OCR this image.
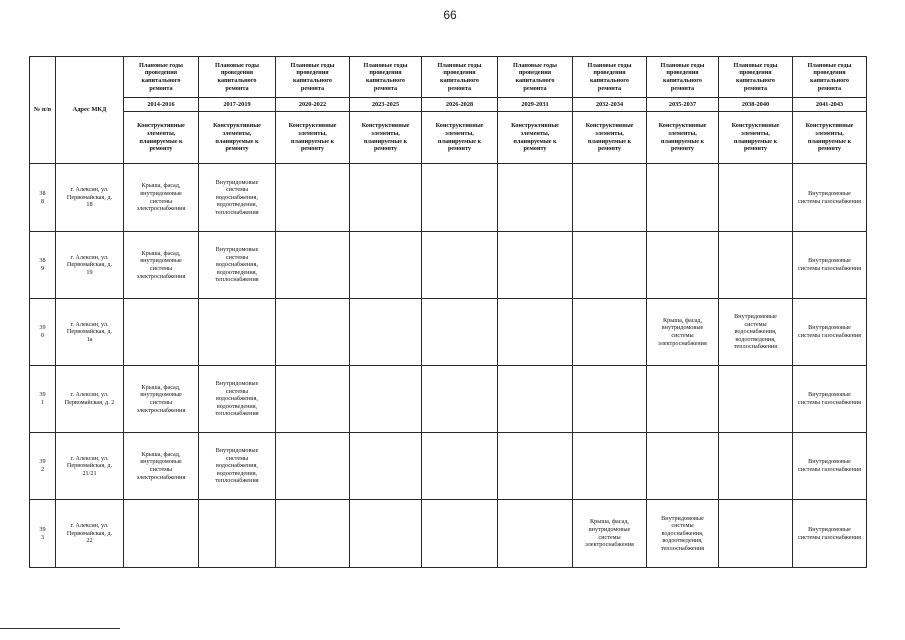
66
№ п/п	Адрес МКД	Плановые годы проведения капитального ремонта	Плановые годы проведения капитального ремонта	Плановые годы проведения капитального ремонта	Плановые годы проведения капитального ремонта	Плановые годы проведения капитального ремонта	Плановые годы проведения капитального ремонта	Плановые годы проведения капитального ремонта	Плановые годы проведения капитального ремонта	Плановые годы проведения капитального ремонта	Плановые годы проведения капитального ремонта
		2014-2016	2017-2019	2020-2022	2023-2025	2026-2028	2029-2031	2032-2034	2035-2037	2038-2040	2041-2043
		Конструктивные элементы, планируемые к ремонту	Конструктивные элементы, планируемые к ремонту	Конструктивные элементы, планируемые к ремонту	Конструктивные элементы, планируемые к ремонту	Конструктивные элементы, планируемые к ремонту	Конструктивные элементы, планируемые к ремонту	Конструктивные элементы, планируемые к ремонту	Конструктивные элементы, планируемые к ремонту	Конструктивные элементы, планируемые к ремонту	Конструктивные элементы, планируемые к ремонту
388	г. Алексин, ул. Первомайская, д. 18	Крыша, фасад, внутридомовые системы электроснабжения	Внутридомовые системы водоснабжения, водоотведения, теплоснабжения								Внутридомовые системы газоснабжения
389	г. Алексин, ул. Первомайская, д. 19	Крыша, фасад, внутридомовые системы электроснабжения	Внутридомовые системы водоснабжения, водоотведения, теплоснабжения								Внутридомовые системы газоснабжения
390	г. Алексин, ул. Первомайская, д. 1а								Крыша, фасад, внутридомовые системы электроснабжения	Внутридомовые системы водоснабжения, водоотведения, теплоснабжения	Внутридомовые системы газоснабжения
391	г. Алексин, ул. Первомайская, д. 2	Крыша, фасад, внутридомовые системы электроснабжения	Внутридомовые системы водоснабжения, водоотведения, теплоснабжения								Внутридомовые системы газоснабжения
392	г. Алексин, ул. Первомайская, д. 21/21	Крыша, фасад, внутридомовые системы электроснабжения	Внутридомовые системы водоснабжения, водоотведения, теплоснабжения								Внутридомовые системы газоснабжения
393	г. Алексин, ул. Первомайская, д. 22							Крыша, фасад, внутридомовые системы электроснабжения	Внутридомовые системы водоснабжения, водоотведения, теплоснабжения		Внутридомовые системы газоснабжения
